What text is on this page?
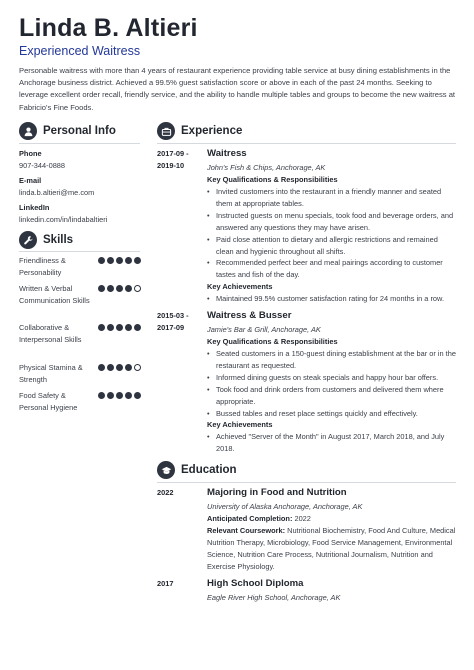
Linda B. Altieri
Experienced Waitress
Personable waitress with more than 4 years of restaurant experience providing table service at busy dining establishments in the Anchorage business district. Achieved a 99.5% guest satisfaction score or above in each of the past 24 months. Seeking to leverage excellent order recall, friendly service, and the ability to handle multiple tables and groups to become the new waitress at Fabricio's Fine Foods.
Personal Info
Phone
907-344-0888
E-mail
linda.b.altieri@me.com
LinkedIn
linkedin.com/in/lindabaltieri
Skills
Friendliness & Personability
Written & Verbal Communication Skills
Collaborative & Interpersonal Skills
Physical Stamina & Strength
Food Safety & Personal Hygiene
Experience
2017-09 - 2019-10
Waitress
John's Fish & Chips, Anchorage, AK
Key Qualifications & Responsibilities
• Invited customers into the restaurant in a friendly manner and seated them at appropriate tables.
• Instructed guests on menu specials, took food and beverage orders, and answered any questions they may have arisen.
• Paid close attention to dietary and allergic restrictions and remained clean and hygienic throughout all shifts.
• Recommended perfect beer and meal pairings according to customer tastes and fish of the day.
Key Achievements
• Maintained 99.5% customer satisfaction rating for 24 months in a row.
2015-03 - 2017-09
Waitress & Busser
Jamie's Bar & Grill, Anchorage, AK
Key Qualifications & Responsibilities
• Seated customers in a 150-guest dining establishment at the bar or in the restaurant as requested.
• Informed dining guests on steak specials and happy hour bar offers.
• Took food and drink orders from customers and delivered them where appropriate.
• Bussed tables and reset place settings quickly and effectively.
Key Achievements
• Achieved "Server of the Month" in August 2017, March 2018, and July 2018.
Education
2022	Majoring in Food and Nutrition
University of Alaska Anchorage, Anchorage, AK
Anticipated Completion: 2022
Relevant Coursework: Nutritional Biochemistry, Food And Culture, Medical Nutrition Therapy, Microbiology, Food Service Management, Environmental Science, Nutrition Care Process, Nutritional Journalism, Nutrition and Exercise Physiology.
2017	High School Diploma
Eagle River High School, Anchorage, AK
